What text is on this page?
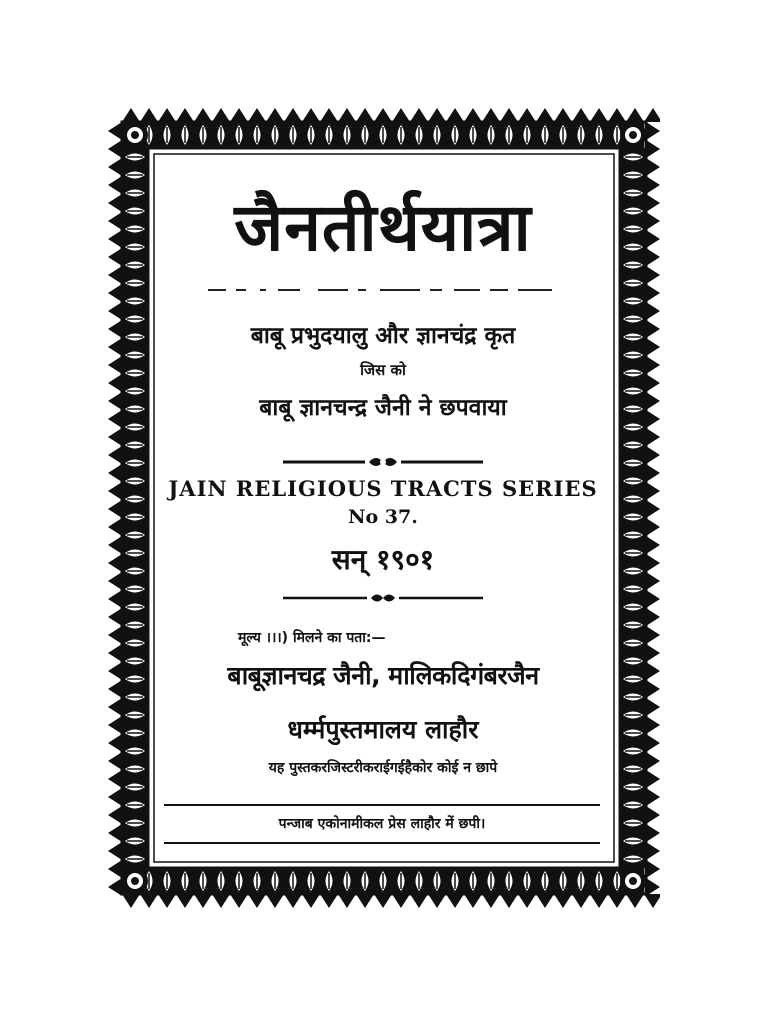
जैनतीर्थयात्रा
बाबू प्रभुदयालु और ज्ञानचंद्र कृत
जिस को
बाबू ज्ञानचन्द्र जैनी ने छपवाया
JAIN RELIGIOUS TRACTS SERIES
No 37.
सन् १९०१
मूल्य ।।।) मिलने का पता:—
बाबूज्ञानचद्र जैनी, मालिकदिगंबरजैन
धर्म्मपुस्तमालय लाहौर
यह पुस्तकरजिस्टरीकराईगईहैकोर कोई न छापे
पन्जाब एकोनामीकल प्रेस लाहौर में छपी।
